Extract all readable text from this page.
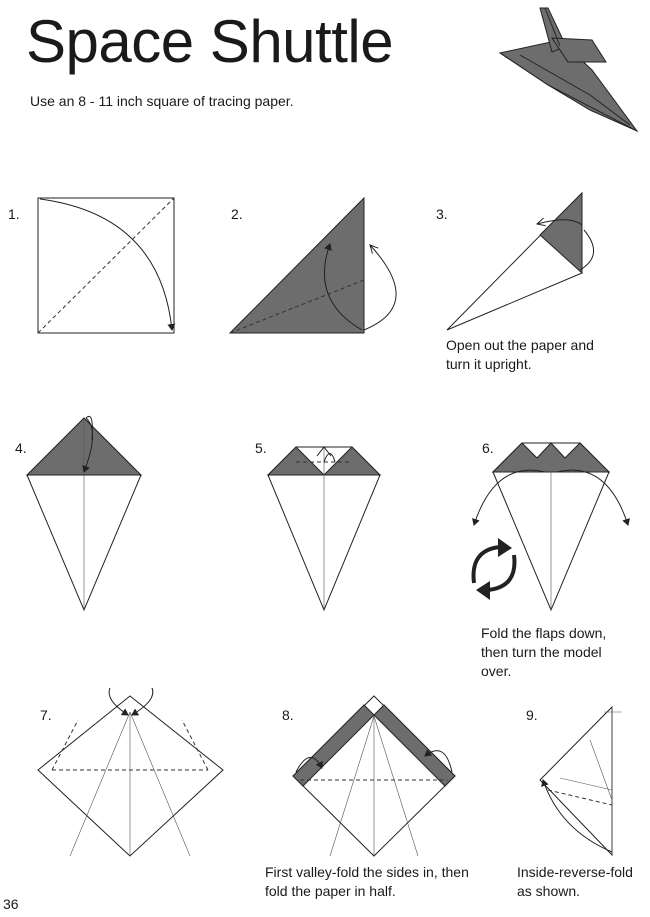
Space Shuttle
Use an 8 - 11 inch square of tracing paper.
1.	2.	3.
4.	5.	6.
7.	8.	9.
Open out the paper and
turn it upright.
Fold the flaps down,
then turn the model
over.
First valley-fold the sides in, then
fold the paper in half.
Inside-reverse-fold
as shown.
36
